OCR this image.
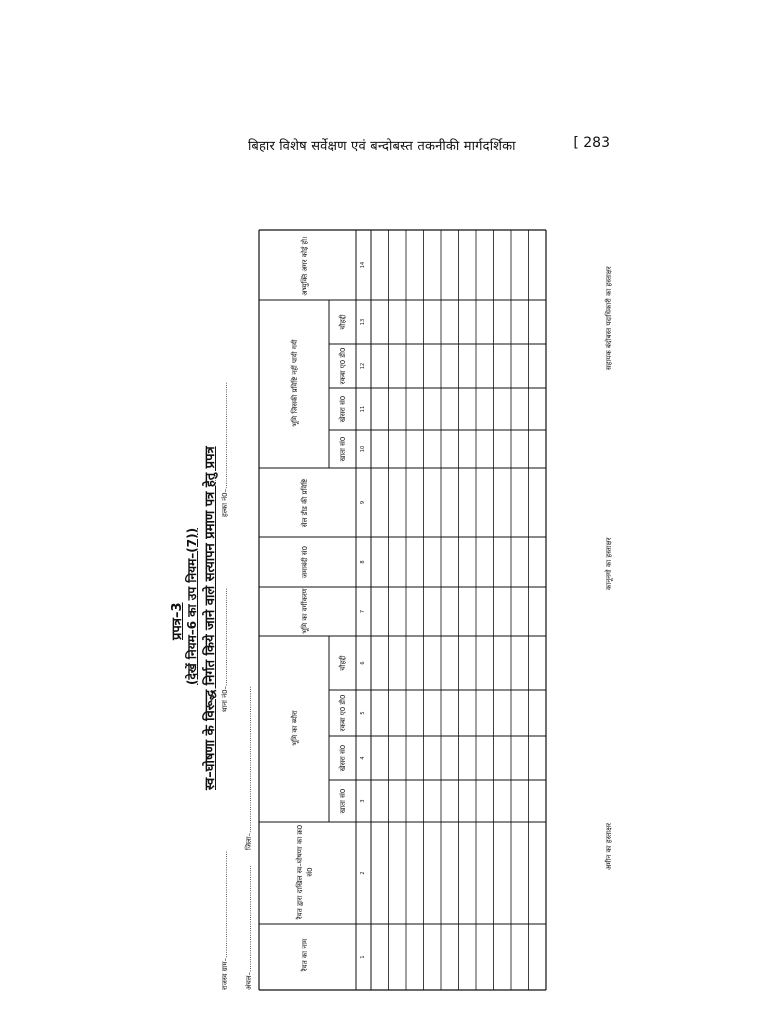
बिहार विशेष सर्वेक्षण एवं बन्दोबस्त तकनीकी मार्गदर्शिका	[ 283
प्रपत्र–3 (देखें नियम–6 का उप नियम–(7)) स्व–घोषणा के विरूद्ध निर्गत किये जाने वाले सत्यापन प्रमाण पत्र हेतु प्रपत्र
राजस्व ग्राम–................................................
थाना नं0–............................................
हल्का नं0–................................................
अंचल–................................................
जिला–..................................................................
रैयत का नाम
रैयत द्वारा दाखिल स्व–घोषणा का क्र0 सं0
भूमि का ब्यौरा
खाता सं0
खेसरा सं0
रकबा ए0 डी0
चौहद्दी
भूमि का वर्गीकरण
जमाबंदी सं0
सेल डीड की प्रविष्टि
भूमि जिसकी प्रविष्टि नहीं पायी गयी
खाता सं0
खेसरा सं0
रकबा ए0 डी0
चौहद्दी
अभ्युक्ति अगर कोई हो।
1
2
3
4
5
6
7
8
9
10
11
12
13
14
अमीन का हस्ताक्षर
कानूनगो का हस्ताक्षर
सहायक बंदोबस्त पदाधिकारी का हस्ताक्षर
